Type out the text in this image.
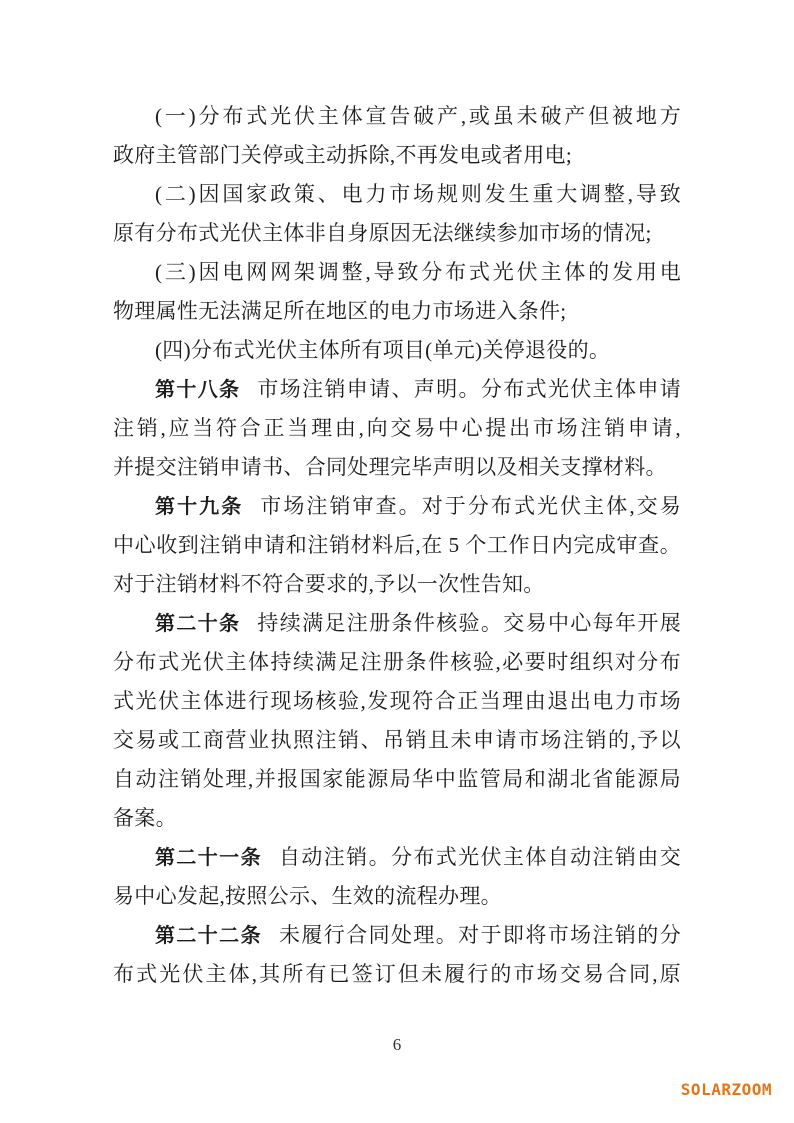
(一)分布式光伏主体宣告破产,或虽未破产但被地方
政府主管部门关停或主动拆除,不再发电或者用电;
(二)因国家政策、电力市场规则发生重大调整,导致
原有分布式光伏主体非自身原因无法继续参加市场的情况;
(三)因电网网架调整,导致分布式光伏主体的发用电
物理属性无法满足所在地区的电力市场进入条件;
(四)分布式光伏主体所有项目(单元)关停退役的。
第十八条 市场注销申请、声明。分布式光伏主体申请
注销,应当符合正当理由,向交易中心提出市场注销申请,
并提交注销申请书、合同处理完毕声明以及相关支撑材料。
第十九条 市场注销审查。对于分布式光伏主体,交易
中心收到注销申请和注销材料后,在 5 个工作日内完成审查。
对于注销材料不符合要求的,予以一次性告知。
第二十条 持续满足注册条件核验。交易中心每年开展
分布式光伏主体持续满足注册条件核验,必要时组织对分布
式光伏主体进行现场核验,发现符合正当理由退出电力市场
交易或工商营业执照注销、吊销且未申请市场注销的,予以
自动注销处理,并报国家能源局华中监管局和湖北省能源局
备案。
第二十一条 自动注销。分布式光伏主体自动注销由交
易中心发起,按照公示、生效的流程办理。
第二十二条 未履行合同处理。对于即将市场注销的分
布式光伏主体,其所有已签订但未履行的市场交易合同,原
6
SOLARZOOM
